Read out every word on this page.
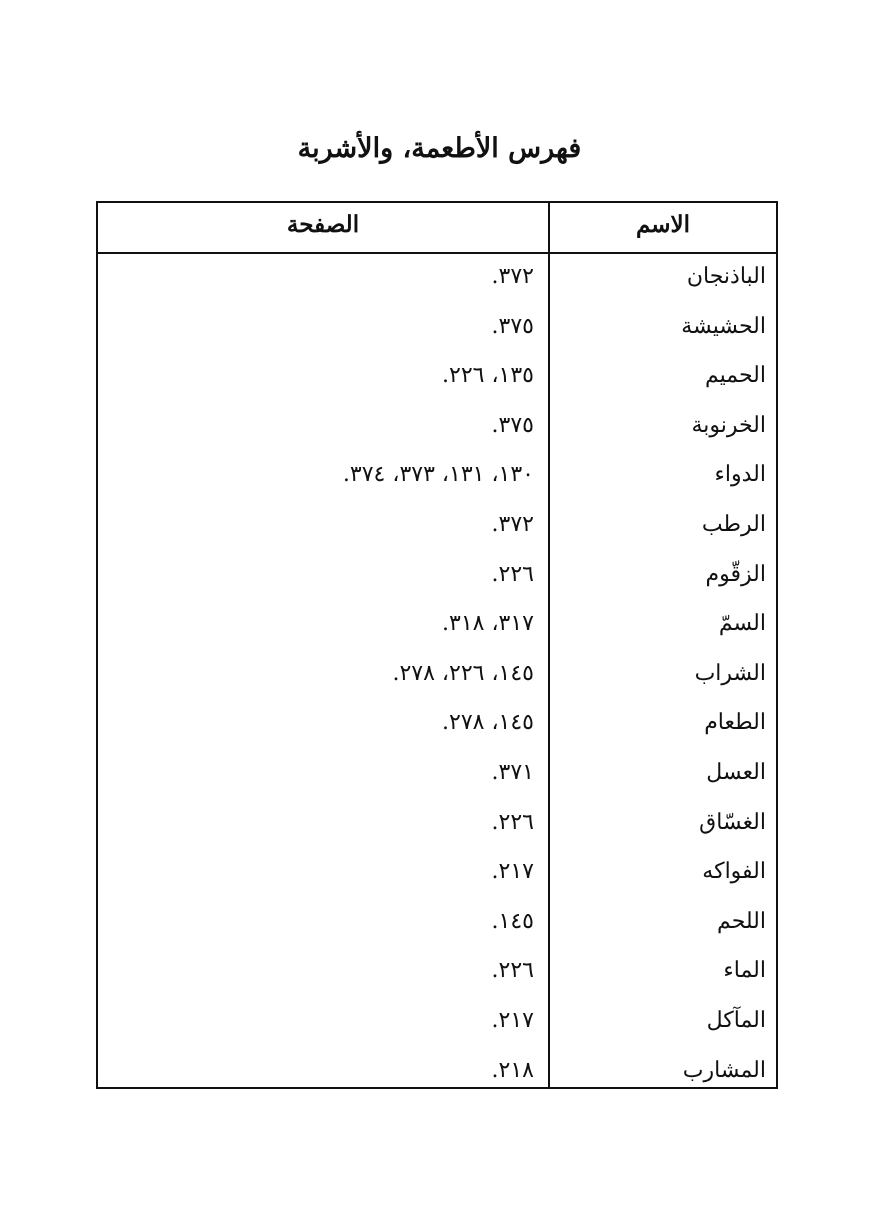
فهرس الأطعمة، والأشربة
الاسم
الصفحة
الباذنجان
٣٧٢.
الحشيشة
٣٧٥.
الحميم
١٣٥، ٢٢٦.
الخرنوبة
٣٧٥.
الدواء
١٣٠، ١٣١، ٣٧٣، ٣٧٤.
الرطب
٣٧٢.
الزقّوم
٢٢٦.
السمّ
٣١٧، ٣١٨.
الشراب
١٤٥، ٢٢٦، ٢٧٨.
الطعام
١٤٥، ٢٧٨.
العسل
٣٧١.
الغسّاق
٢٢٦.
الفواكه
٢١٧.
اللحم
١٤٥.
الماء
٢٢٦.
المآكل
٢١٧.
المشارب
٢١٨.
